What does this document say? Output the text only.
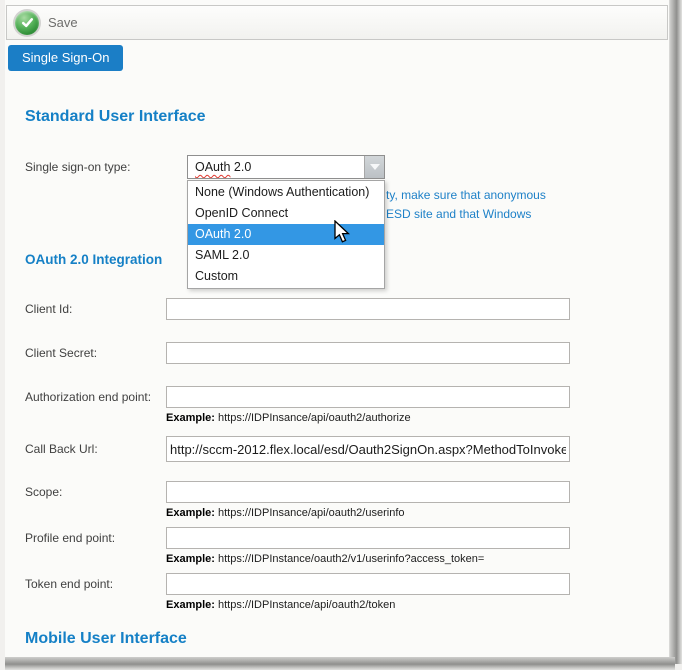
Save
Single Sign-On
Standard User Interface
Single sign-on type:
ty, make sure that anonymous
ESD site and that Windows
OAuth 2.0
None (Windows Authentication)
OpenID Connect
OAuth 2.0
SAML 2.0
Custom
OAuth 2.0 Integration
Client Id:
Client Secret:
Authorization end point:
Example: https://IDPInsance/api/oauth2/authorize
Call Back Url:
http://sccm-2012.flex.local/esd/Oauth2SignOn.aspx?MethodToInvoke
Scope:
Example: https://IDPInsance/api/oauth2/userinfo
Profile end point:
Example: https://IDPInstance/oauth2/v1/userinfo?access_token=
Token end point:
Example: https://IDPInstance/api/oauth2/token
Mobile User Interface
